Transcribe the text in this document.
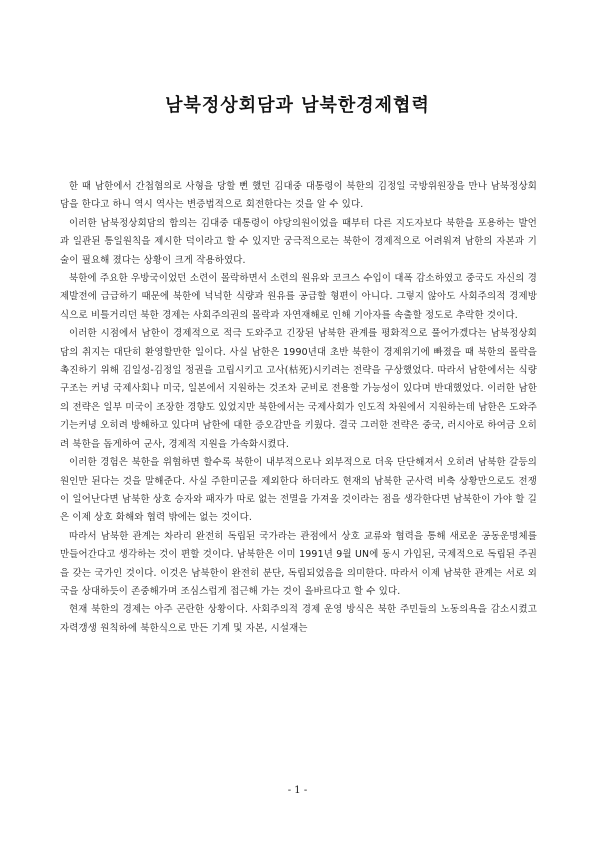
남북정상회담과 남북한경제협력

한 때 남한에서 간첩혐의로 사형을 당할 뻔 했던 김대중 대통령이 북한의 김정일 국방위원장을 만나 남북정상회담을 한다고 하니 역시 역사는 변증법적으로 회전한다는 것을 알 수 있다.

이러한 남북정상회담의 합의는 김대중 대통령이 야당의원이었을 때부터 다른 지도자보다 북한을 포용하는 발언과 일관된 통일원칙을 제시한 덕이라고 할 수 있지만 궁극적으로는 북한이 경제적으로 어려워져 남한의 자본과 기술이 필요해 졌다는 상황이 크게 작용하였다.

북한에 주요한 우방국이었던 소련이 몰락하면서 소련의 원유와 코크스 수입이 대폭 감소하였고 중국도 자신의 경제발전에 급급하기 때문에 북한에 넉넉한 식량과 원유를 공급할 형편이 아니다. 그렇지 않아도 사회주의적 경제방식으로 비틀거리던 북한 경제는 사회주의권의 몰락과 자연재해로 인해 기아자를 속출할 정도로 추락한 것이다.

이러한 시점에서 남한이 경제적으로 적극 도와주고 긴장된 남북한 관계를 평화적으로 풀어가겠다는 남북정상회담의 취지는 대단히 환영할만한 일이다. 사실 남한은 1990년대 초반 북한이 경제위기에 빠졌을 때 북한의 몰락을 촉진하기 위해 김일성-김정일 정권을 고립시키고 고사(枯死)시키려는 전략을 구상했었다. 따라서 남한에서는 식량구조는 커녕 국제사회나 미국, 일본에서 지원하는 것조차 군비로 전용할 가능성이 있다며 반대했었다. 이러한 남한의 전략은 일부 미국이 조장한 경향도 있었지만 북한에서는 국제사회가 인도적 차원에서 지원하는데 남한은 도와주기는커녕 오히려 방해하고 있다며 남한에 대한 증오감만을 키웠다. 결국 그러한 전략은 중국, 러시아로 하여금 오히려 북한을 돕게하여 군사, 경제적 지원을 가속화시켰다.

이러한 경험은 북한을 위협하면 할수록 북한이 내부적으로나 외부적으로 더욱 단단해져서 오히려 남북한 갈등의 원인만 된다는 것을 말해준다. 사실 주한미군을 제외한다 하더라도 현재의 남북한 군사력 비축 상황만으로도 전쟁이 일어난다면 남북한 상호 승자와 패자가 따로 없는 전멸을 가져올 것이라는 점을 생각한다면 남북한이 가야 할 길은 이제 상호 화해와 협력 밖에는 없는 것이다.

따라서 남북한 관계는 차라리 완전히 독립된 국가라는 관점에서 상호 교류와 협력을 통해 새로운 공동운명체를 만들어간다고 생각하는 것이 편할 것이다. 남북한은 이미 1991년 9월 UN에 동시 가입된, 국제적으로 독립된 주권을 갖는 국가인 것이다. 이것은 남북한이 완전히 분단, 독립되었음을 의미한다. 따라서 이제 남북한 관계는 서로 외국을 상대하듯이 존중해가며 조심스럽게 접근해 가는 것이 올바르다고 할 수 있다.

현재 북한의 경제는 아주 곤란한 상황이다. 사회주의적 경제 운영 방식은 북한 주민들의 노동의욕을 감소시켰고 자력갱생 원칙하에 북한식으로 만든 기계 및 자본, 시설재는

- 1 -
